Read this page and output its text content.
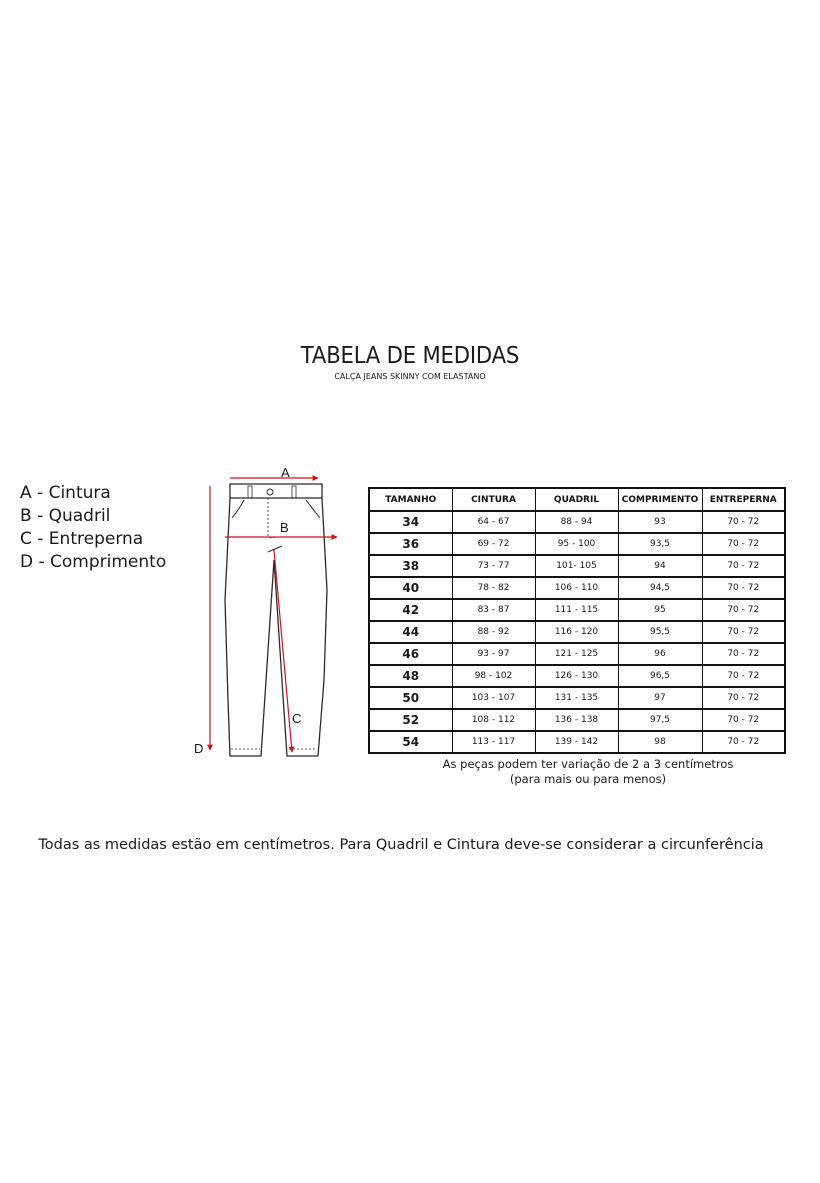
TABELA DE MEDIDAS
CALÇA JEANS SKINNY COM ELASTANO
A - Cintura
B - Quadril
C - Entreperna
D - Comprimento
A
B
C
D
TAMANHO	CINTURA	QUADRIL	COMPRIMENTO	ENTREPERNA
34	64 - 67	88 - 94	93	70 - 72
36	69 - 72	95 - 100	93,5	70 - 72
38	73 - 77	101- 105	94	70 - 72
40	78 - 82	106 - 110	94,5	70 - 72
42	83 - 87	111 - 115	95	70 - 72
44	88 - 92	116 - 120	95,5	70 - 72
46	93 - 97	121 - 125	96	70 - 72
48	98 - 102	126 - 130	96,5	70 - 72
50	103 - 107	131 - 135	97	70 - 72
52	108 - 112	136 - 138	97,5	70 - 72
54	113 - 117	139 - 142	98	70 - 72
As peças podem ter variação de 2 a 3 centímetros
(para mais ou para menos)
Todas as medidas estão em centímetros. Para Quadril e Cintura deve-se considerar a circunferência
